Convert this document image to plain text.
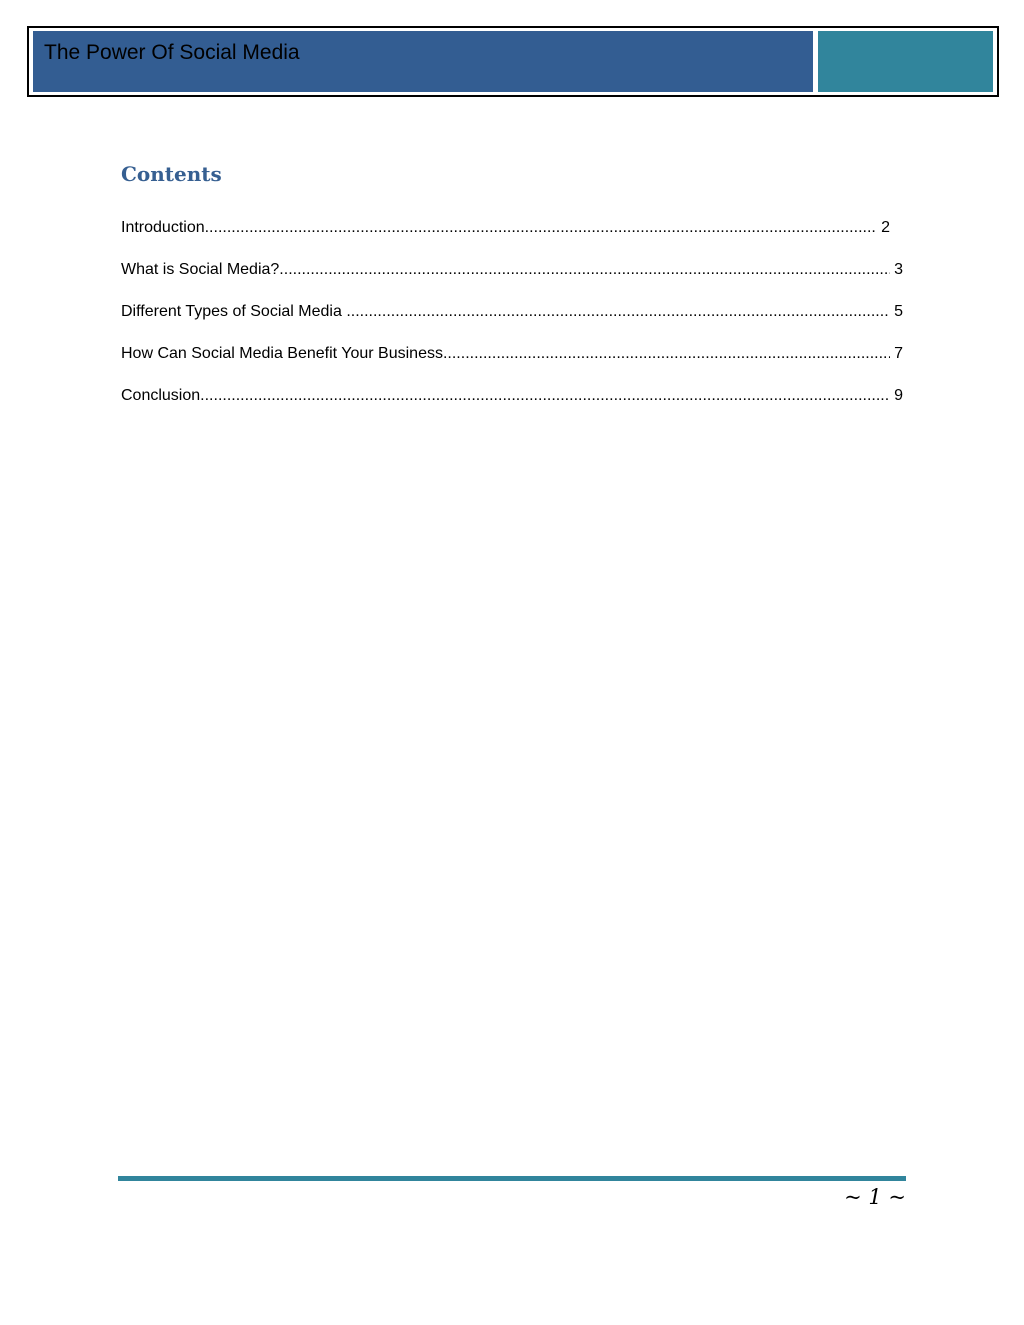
The Power Of Social Media
Contents
Introduction .....	2
What is Social Media? .....	3
Different Types of Social Media .....	5
How Can Social Media Benefit Your Business .....	7
Conclusion .....	9
~ 1 ~
